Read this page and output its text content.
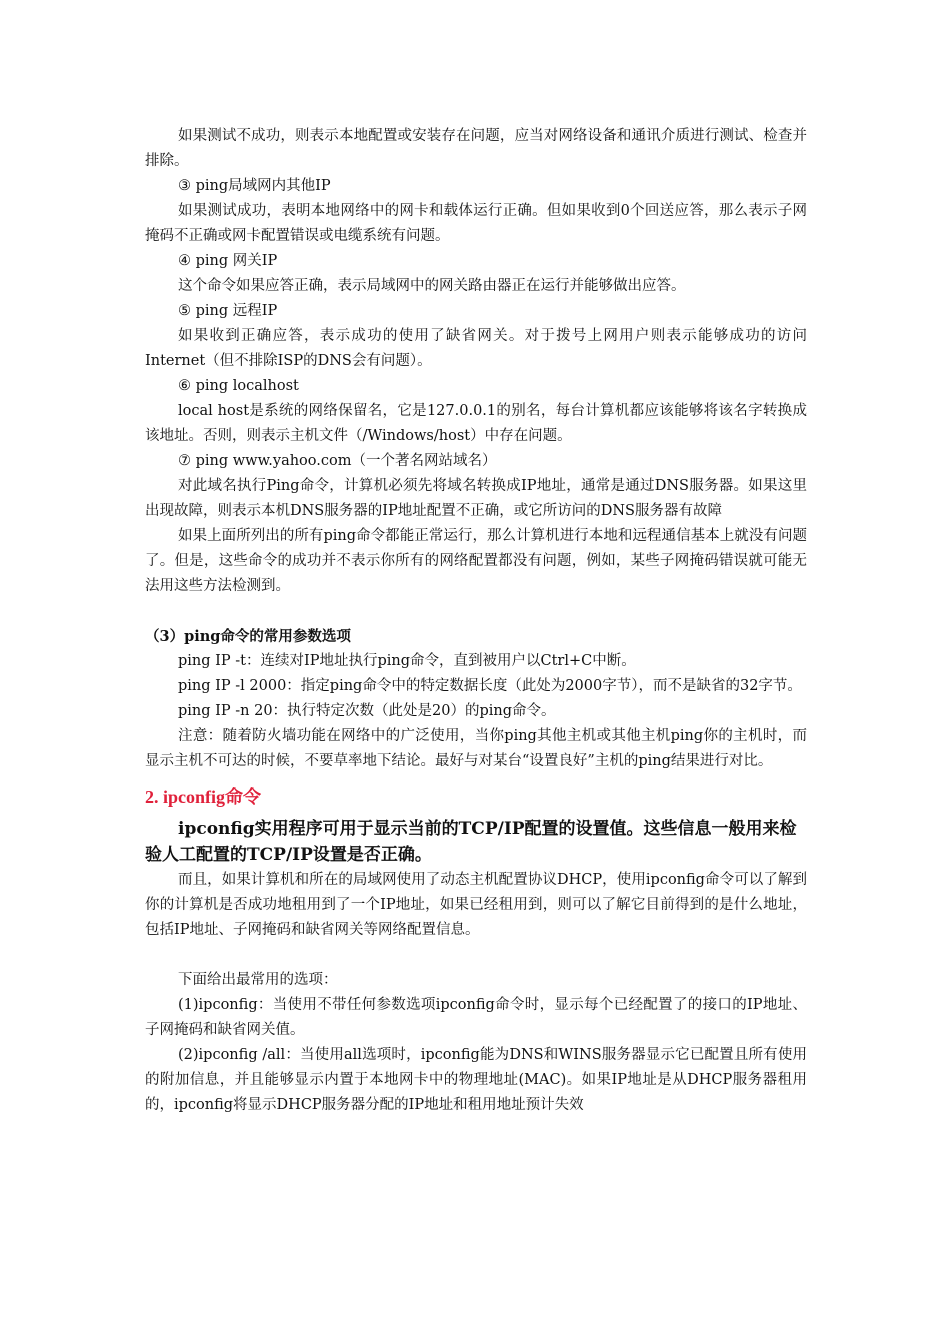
如果测试不成功，则表示本地配置或安装存在问题，应当对网络设备和通讯介质进行测试、检查并排除。

③ ping局域网内其他IP

如果测试成功，表明本地网络中的网卡和载体运行正确。但如果收到0个回送应答，那么表示子网掩码不正确或网卡配置错误或电缆系统有问题。

④ ping 网关IP

这个命令如果应答正确，表示局域网中的网关路由器正在运行并能够做出应答。

⑤ ping 远程IP

如果收到正确应答，表示成功的使用了缺省网关。对于拨号上网用户则表示能够成功的访问Internet（但不排除ISP的DNS会有问题）。

⑥ ping localhost

local host是系统的网络保留名，它是127.0.0.1的别名，每台计算机都应该能够将该名字转换成该地址。否则，则表示主机文件（/Windows/host）中存在问题。

⑦ ping www.yahoo.com（一个著名网站域名）

对此域名执行Ping命令，计算机必须先将域名转换成IP地址，通常是通过DNS服务器。如果这里出现故障，则表示本机DNS服务器的IP地址配置不正确，或它所访问的DNS服务器有故障

如果上面所列出的所有ping命令都能正常运行，那么计算机进行本地和远程通信基本上就没有问题了。但是，这些命令的成功并不表示你所有的网络配置都没有问题，例如，某些子网掩码错误就可能无法用这些方法检测到。

（3）ping命令的常用参数选项

ping IP -t：连续对IP地址执行ping命令，直到被用户以Ctrl+C中断。

ping IP -l 2000：指定ping命令中的特定数据长度（此处为2000字节），而不是缺省的32字节。

ping IP -n 20：执行特定次数（此处是20）的ping命令。

注意：随着防火墙功能在网络中的广泛使用，当你ping其他主机或其他主机ping你的主机时，而显示主机不可达的时候，不要草率地下结论。最好与对某台“设置良好”主机的ping结果进行对比。

2. ipconfig命令

ipconfig实用程序可用于显示当前的TCP/IP配置的设置值。这些信息一般用来检验人工配置的TCP/IP设置是否正确。

而且，如果计算机和所在的局域网使用了动态主机配置协议DHCP，使用ipconfig命令可以了解到你的计算机是否成功地租用到了一个IP地址，如果已经租用到，则可以了解它目前得到的是什么地址，包括IP地址、子网掩码和缺省网关等网络配置信息。

下面给出最常用的选项：

(1)ipconfig：当使用不带任何参数选项ipconfig命令时，显示每个已经配置了的接口的IP地址、子网掩码和缺省网关值。

(2)ipconfig /all：当使用all选项时，ipconfig能为DNS和WINS服务器显示它已配置且所有使用的附加信息，并且能够显示内置于本地网卡中的物理地址(MAC)。如果IP地址是从DHCP服务器租用的，ipconfig将显示DHCP服务器分配的IP地址和租用地址预计失效
